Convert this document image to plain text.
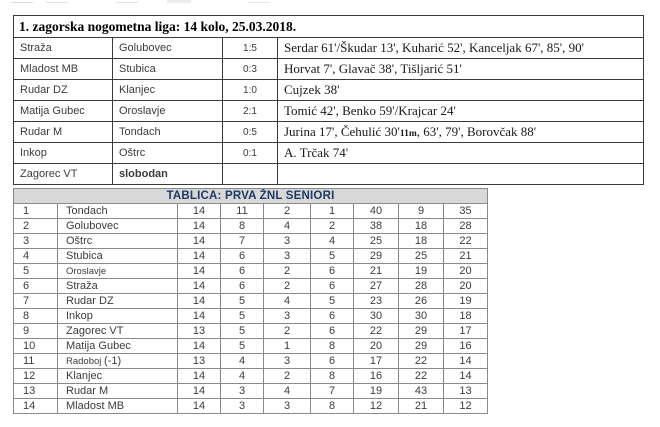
1. zagorska nogometna liga: 14 kolo, 25.03.2018.			
Straža	Golubovec	1:5	Serdar 61'/Škudar 13', Kuharić 52', Kanceljak 67', 85', 90'
Mladost MB	Stubica	0:3	Horvat 7', Glavač 38', Tišljarić 51'
Rudar DZ	Klanjec	1:0	Cujzek 38'
Matija Gubec	Oroslavje	2:1	Tomić 42', Benko 59'/Krajcar 24'
Rudar M	Tondach	0:5	Jurina 17', Čehulić 30'11m, 63', 79', Borovčak 88'
Inkop	Oštrc	0:1	A. Trčak 74'
Zagorec VT	slobodan		
TABLICA: PRVA ŽNL SENIORI								
1	Tondach	14	11	2	1	40	9	35
2	Golubovec	14	8	4	2	38	18	28
3	Oštrc	14	7	3	4	25	18	22
4	Stubica	14	6	3	5	29	25	21
5	Oroslavje	14	6	2	6	21	19	20
6	Straža	14	6	2	6	27	28	20
7	Rudar DZ	14	5	4	5	23	26	19
8	Inkop	14	5	3	6	30	30	18
9	Zagorec VT	13	5	2	6	22	29	17
10	Matija Gubec	14	5	1	8	20	29	16
11	Radoboj (-1)	13	4	3	6	17	22	14
12	Klanjec	14	4	2	8	16	22	14
13	Rudar M	14	3	4	7	19	43	13
14	Mladost MB	14	3	3	8	12	21	12
